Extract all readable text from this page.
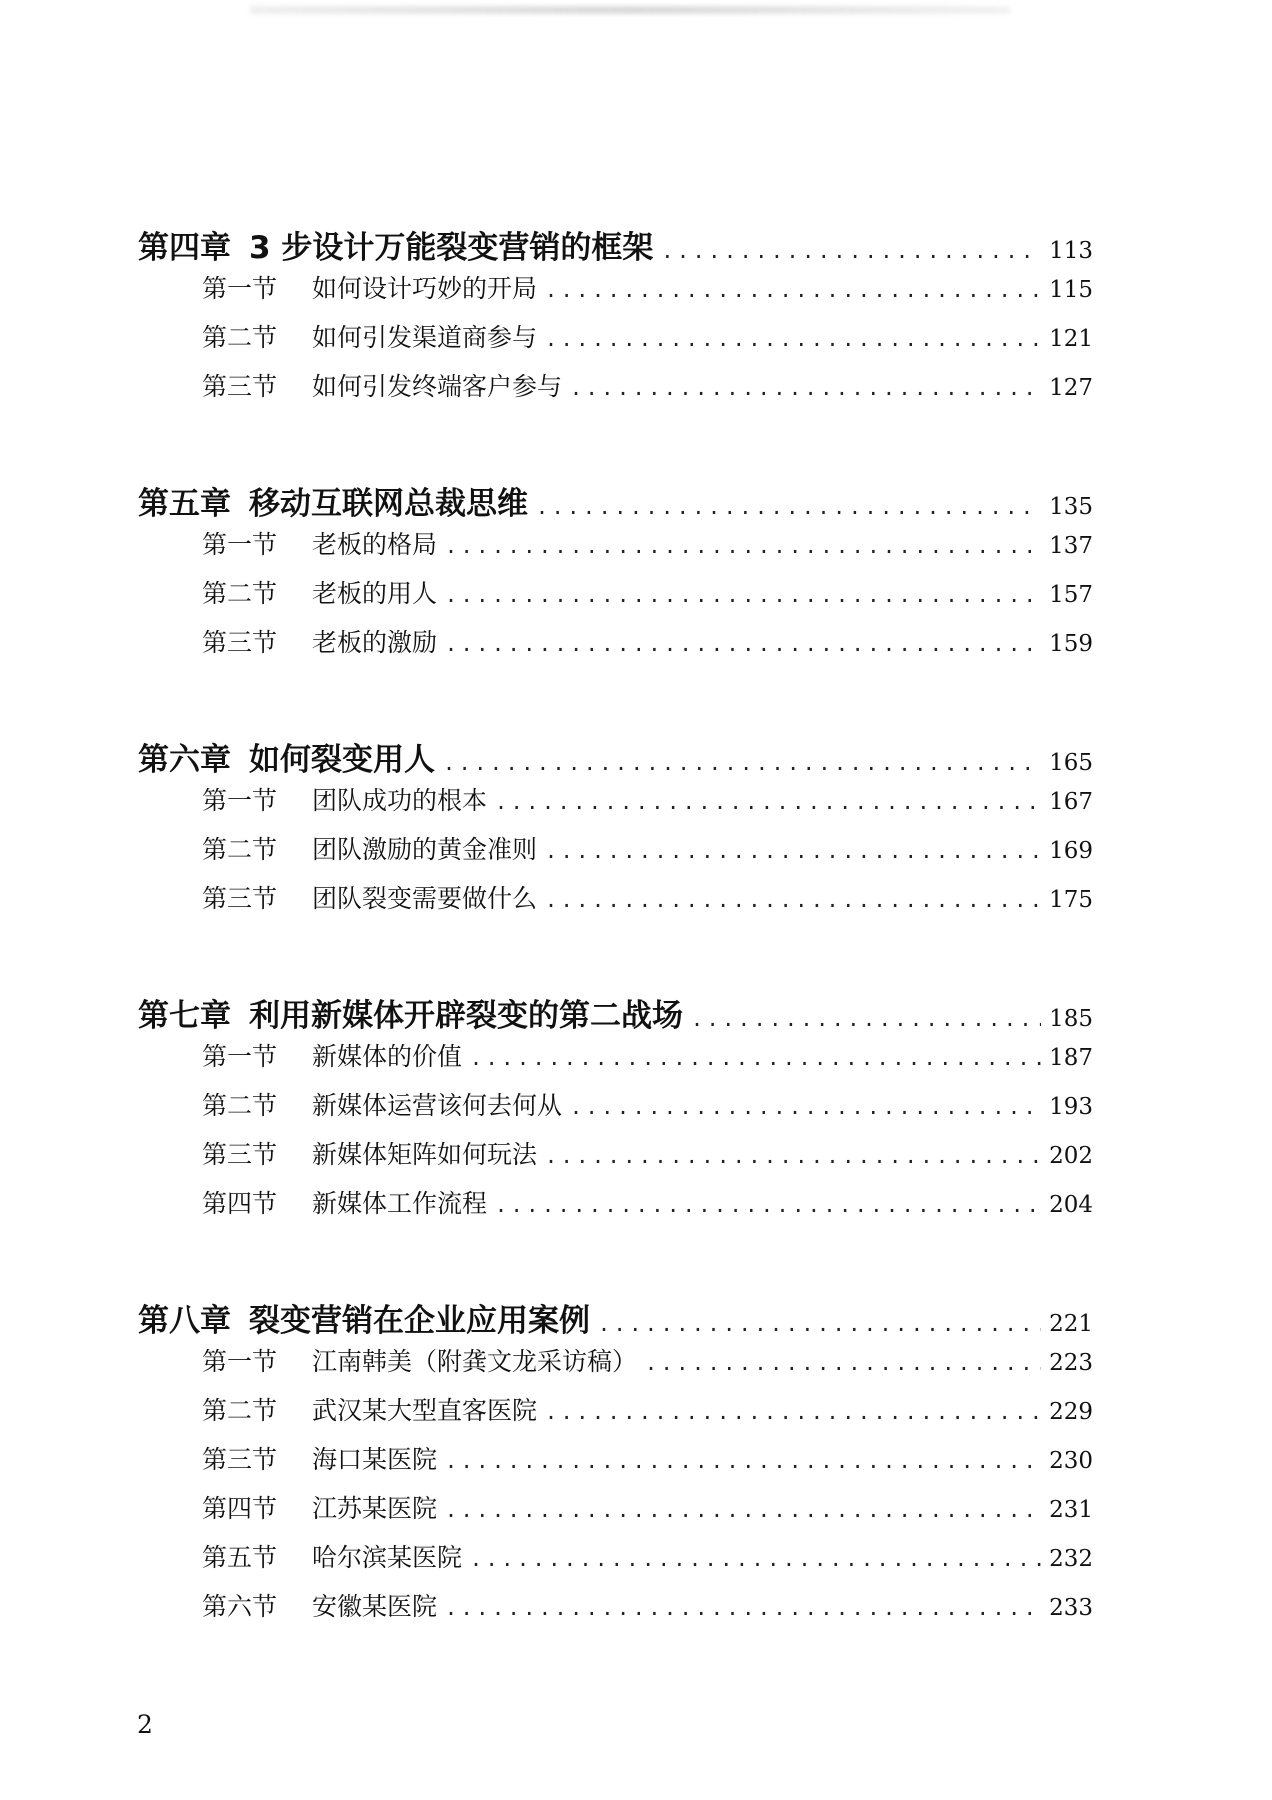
第四章 3 步设计万能裂变营销的框架 .....	113
第一节	如何设计巧妙的开局 .....	115
第二节	如何引发渠道商参与 .....	121
第三节	如何引发终端客户参与 .....	127
第五章 移动互联网总裁思维 .....	135
第一节	老板的格局 .....	137
第二节	老板的用人 .....	157
第三节	老板的激励 .....	159
第六章 如何裂变用人 .....	165
第一节	团队成功的根本 .....	167
第二节	团队激励的黄金准则 .....	169
第三节	团队裂变需要做什么 .....	175
第七章 利用新媒体开辟裂变的第二战场 .....	185
第一节	新媒体的价值 .....	187
第二节	新媒体运营该何去何从 .....	193
第三节	新媒体矩阵如何玩法 .....	202
第四节	新媒体工作流程 .....	204
第八章 裂变营销在企业应用案例 .....	221
第一节	江南韩美（附龚文龙采访稿） .....	223
第二节	武汉某大型直客医院 .....	229
第三节	海口某医院 .....	230
第四节	江苏某医院 .....	231
第五节	哈尔滨某医院 .....	232
第六节	安徽某医院 .....	233
2
